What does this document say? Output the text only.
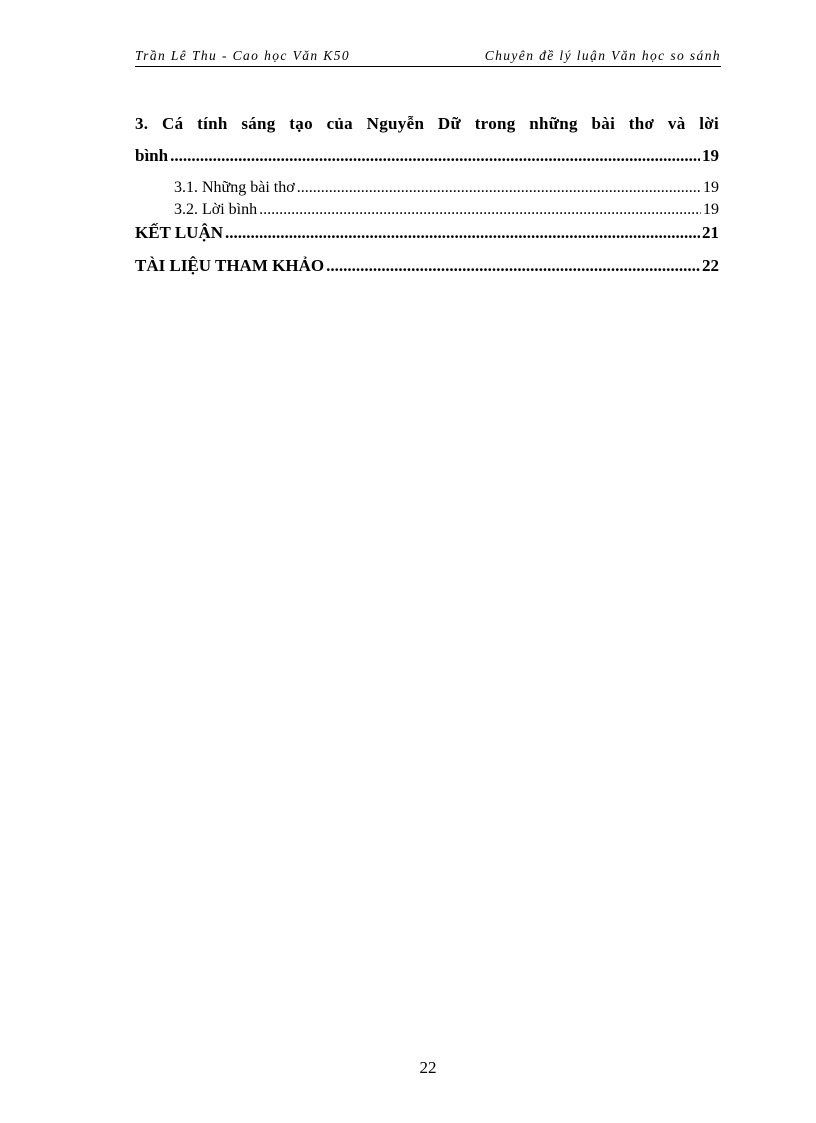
Trần Lê Thu - Cao học Văn K50	Chuyên đề lý luận Văn học so sánh
3. Cá tính sáng tạo của Nguyễn Dữ trong những bài thơ và lời
bình .....	19
3.1. Những bài thơ .....	19
3.2. Lời bình .....	19
KẾT LUẬN .....	21
TÀI LIỆU THAM KHẢO .....	22
22
